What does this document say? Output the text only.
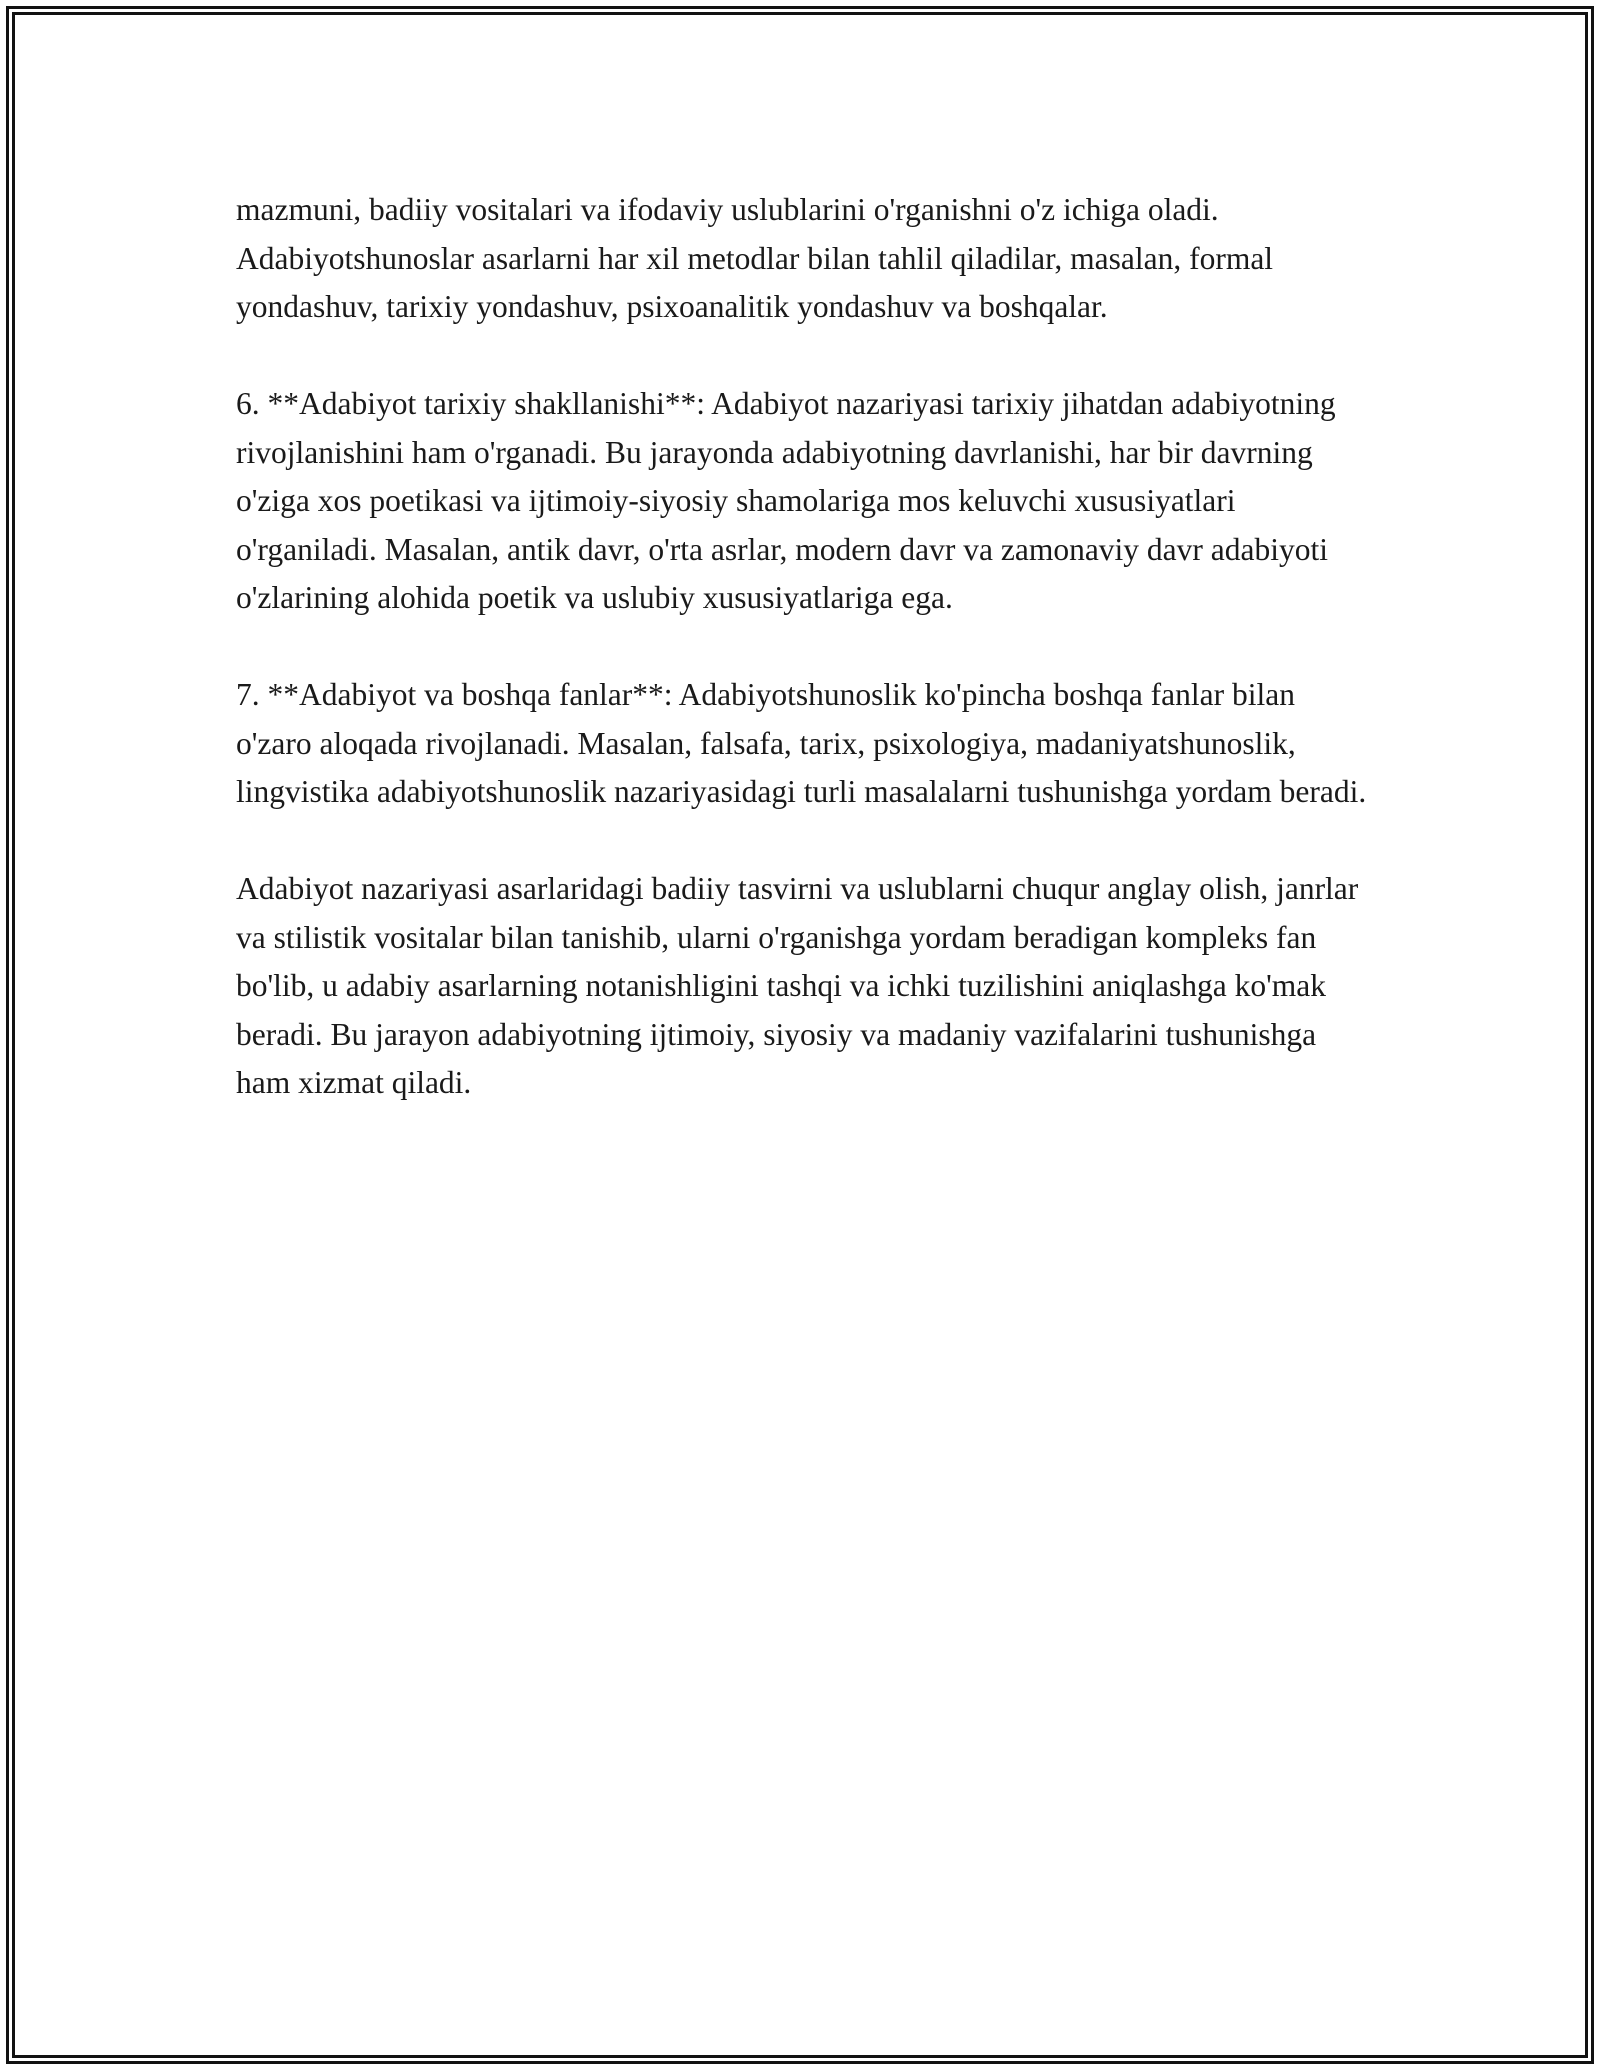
mazmuni, badiiy vositalari va ifodaviy uslublarini o'rganishni o'z ichiga oladi. Adabiyotshunoslar asarlarni har xil metodlar bilan tahlil qiladilar, masalan, formal yondashuv, tarixiy yondashuv, psixoanalitik yondashuv va boshqalar.

6. **Adabiyot tarixiy shakllanishi**: Adabiyot nazariyasi tarixiy jihatdan adabiyotning rivojlanishini ham o'rganadi. Bu jarayonda adabiyotning davrlanishi, har bir davrning o'ziga xos poetikasi va ijtimoiy-siyosiy shamolariga mos keluvchi xususiyatlari o'rganiladi. Masalan, antik davr, o'rta asrlar, modern davr va zamonaviy davr adabiyoti o'zlarining alohida poetik va uslubiy xususiyatlariga ega.

7. **Adabiyot va boshqa fanlar**: Adabiyotshunoslik ko'pincha boshqa fanlar bilan o'zaro aloqada rivojlanadi. Masalan, falsafa, tarix, psixologiya, madaniyatshunoslik, lingvistika adabiyotshunoslik nazariyasidagi turli masalalarni tushunishga yordam beradi.

Adabiyot nazariyasi asarlaridagi badiiy tasvirni va uslublarni chuqur anglay olish, janrlar va stilistik vositalar bilan tanishib, ularni o'rganishga yordam beradigan kompleks fan bo'lib, u adabiy asarlarning notanishligini tashqi va ichki tuzilishini aniqlashga ko'mak beradi. Bu jarayon adabiyotning ijtimoiy, siyosiy va madaniy vazifalarini tushunishga ham xizmat qiladi.
